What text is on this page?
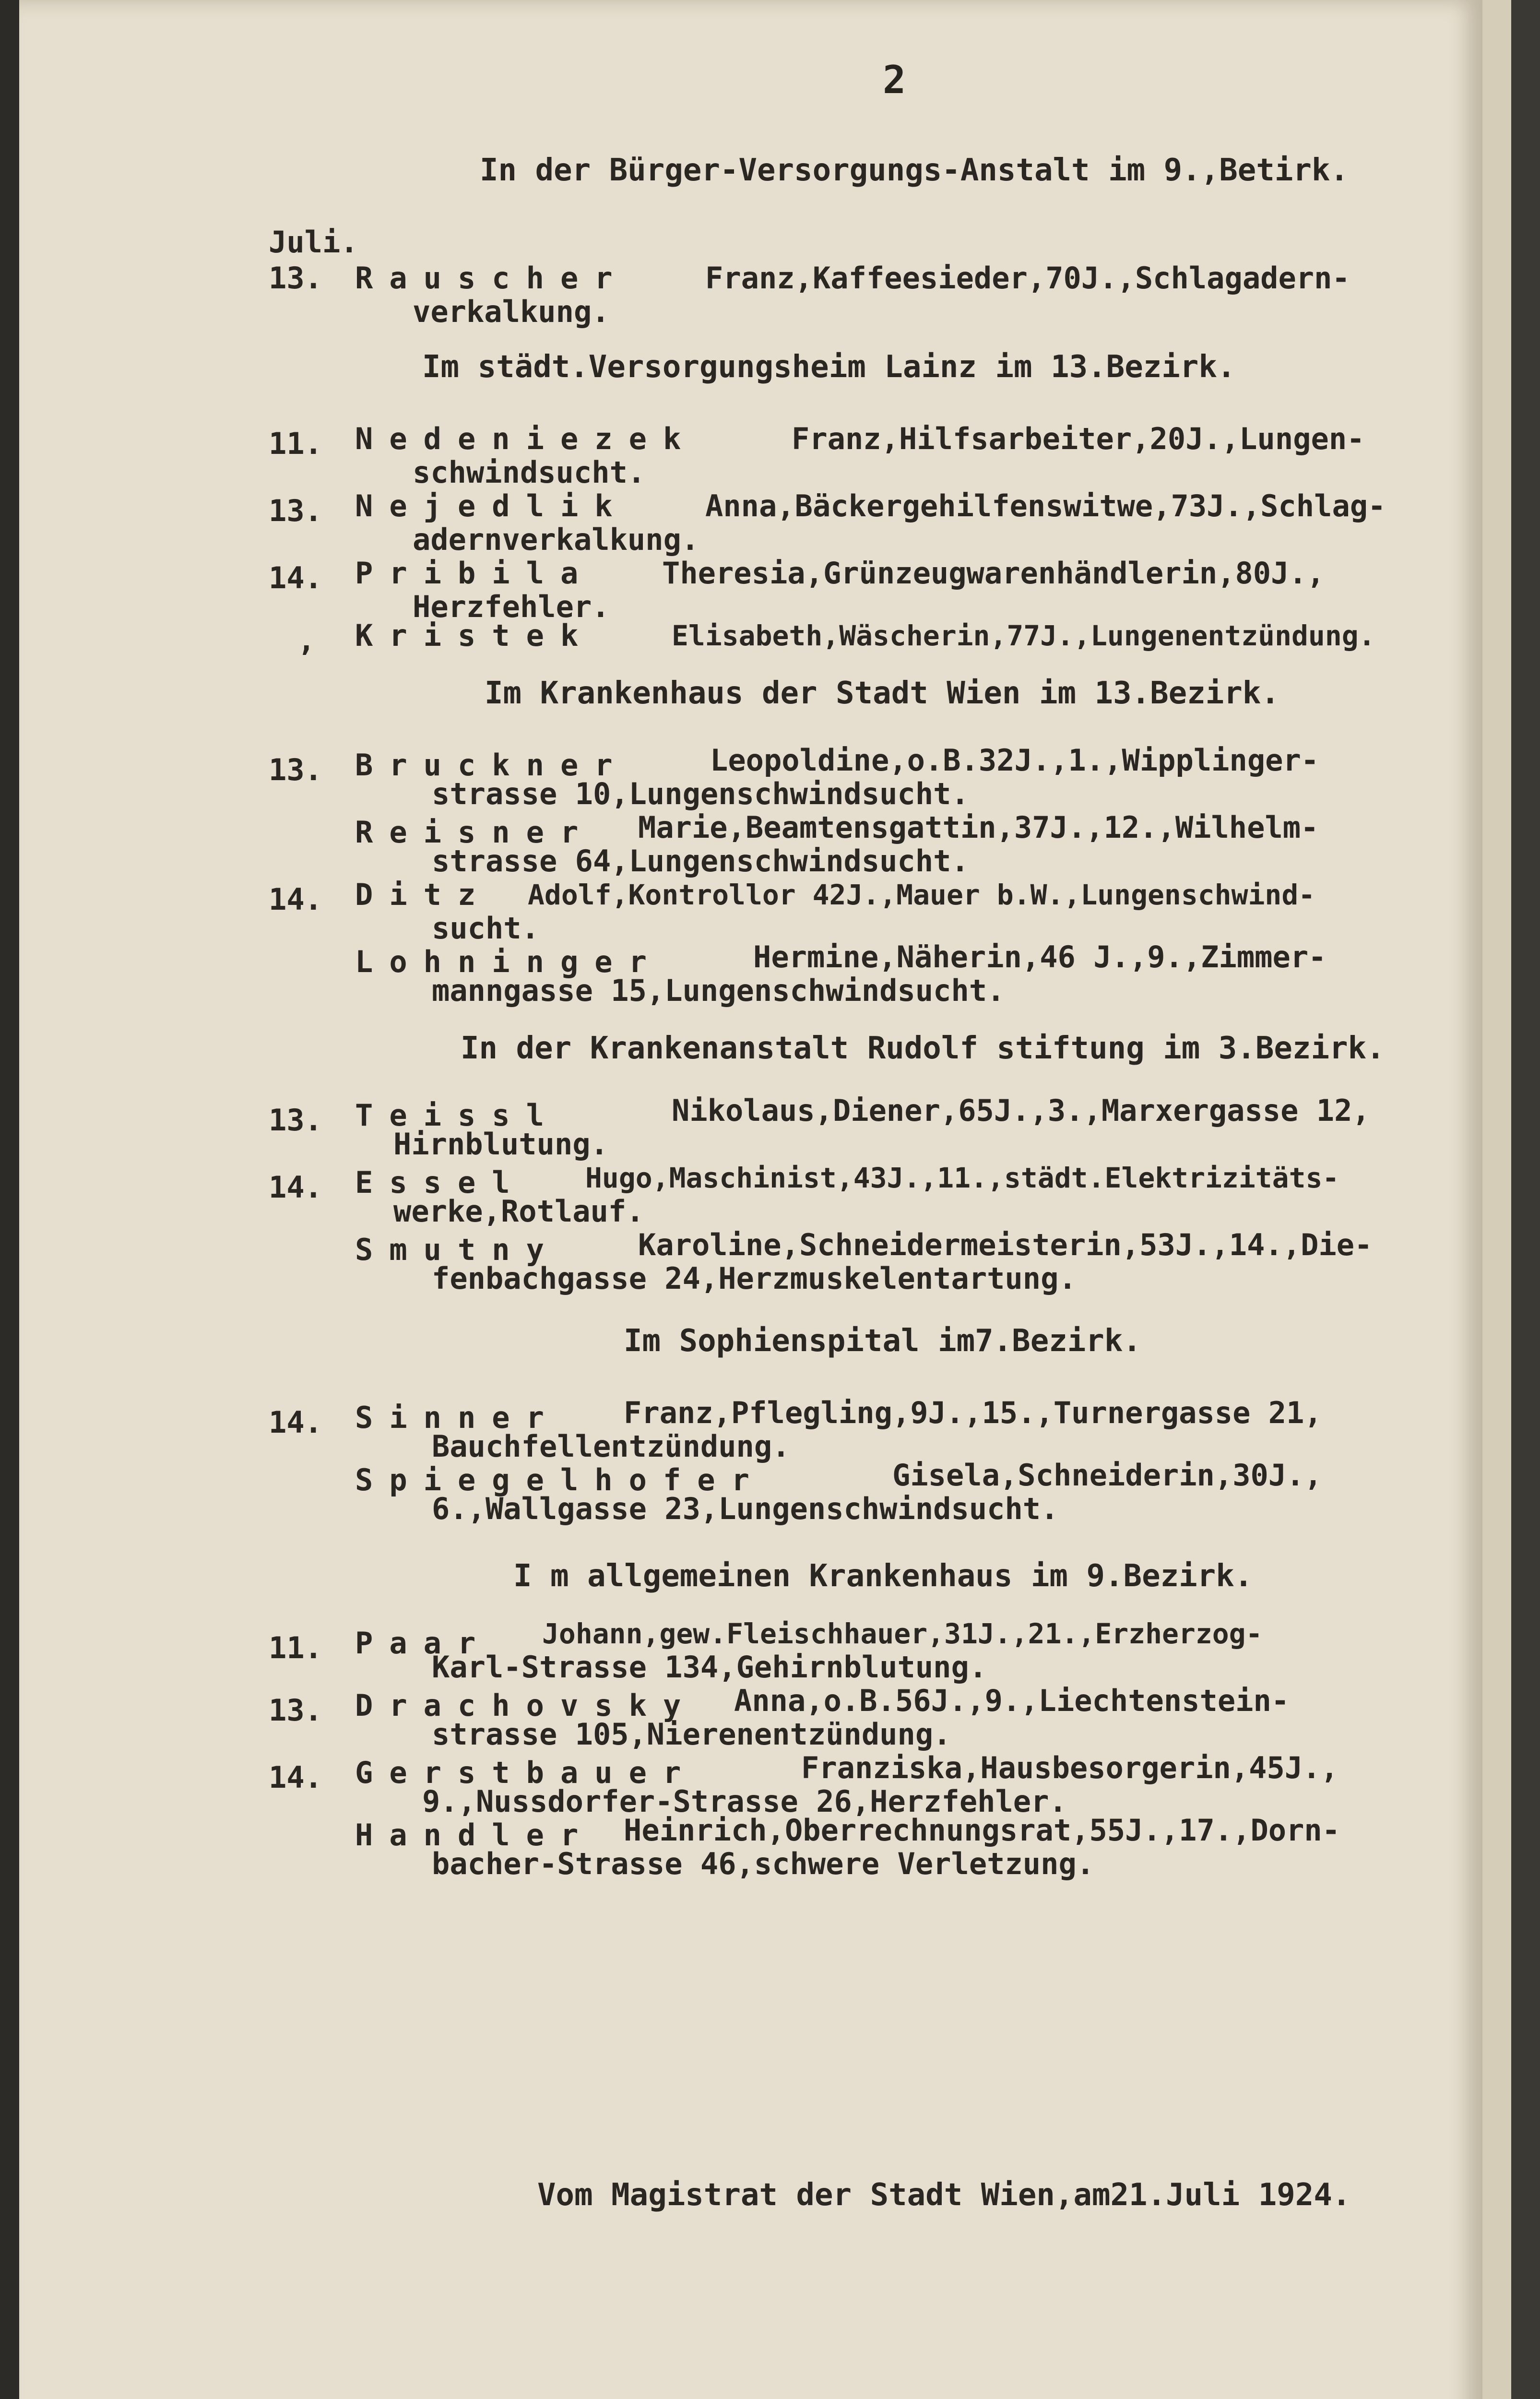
2
In der Bürger-Versorgungs-Anstalt im 9.,Betirk.
Juli.
13. Rauscher	Franz,Kaffeesieder,70J.,Schlagadern-
verkalkung.
Im städt.Versorgungsheim Lainz im 13.Bezirk.
11. Nedeniezek	Franz,Hilfsarbeiter,20J.,Lungen-
schwindsucht.
13. Nejedlik	Anna,Bäckergehilfenswitwe,73J.,Schlag-
adernverkalkung.
14. Pribila Theresia,Grünzeugwarenhändlerin,80J.,
Herzfehler.
, Kristek	Elisabeth,Wäscherin,77J.,Lungenentzündung.
Im Krankenhaus der Stadt Wien im 13.Bezirk.
13. Bruckner	Leopoldine,o.B.32J.,1.,Wipplinger-
strasse 10,Lungenschwindsucht.
Reisner Marie,Beamtensgattin,37J.,12.,Wilhelm-
strasse 64,Lungenschwindsucht.
14. Ditz Adolf,Kontrollor 42J.,Mauer b.W.,Lungenschwind-
sucht.
Lohninger	Hermine,Näherin,46 J.,9.,Zimmer-
manngasse 15,Lungenschwindsucht.
In der Krankenanstalt Rudolf stiftung im 3.Bezirk.
13. Teissl	Nikolaus,Diener,65J.,3.,Marxergasse 12,
Hirnblutung.
14. Essel Hugo,Maschinist,43J.,11.,städt.Elektrizitäts-
werke,Rotlauf.
Smutny	Karoline,Schneidermeisterin,53J.,14.,Die-
fenbachgasse 24,Herzmuskelentartung.
Im Sophienspital im7.Bezirk.
14. Sinner Franz,Pflegling,9J.,15.,Turnergasse 21,
Bauchfellentzündung.
Spiegelhofer	Gisela,Schneiderin,30J.,
6.,Wallgasse 23,Lungenschwindsucht.
I m allgemeinen Krankenhaus im 9.Bezirk.
11. Paar Johann,gew.Fleischhauer,31J.,21.,Erzherzog-
Karl-Strasse 134,Gehirnblutung.
13. Drachovsky Anna,o.B.56J.,9.,Liechtenstein-
strasse 105,Nierenentzündung.
14. Gerstbauer	Franziska,Hausbesorgerin,45J.,
9.,Nussdorfer-Strasse 26,Herzfehler.
Handler Heinrich,Oberrechnungsrat,55J.,17.,Dorn-
bacher-Strasse 46,schwere Verletzung.
Vom Magistrat der Stadt Wien,am21.Juli 1924.
